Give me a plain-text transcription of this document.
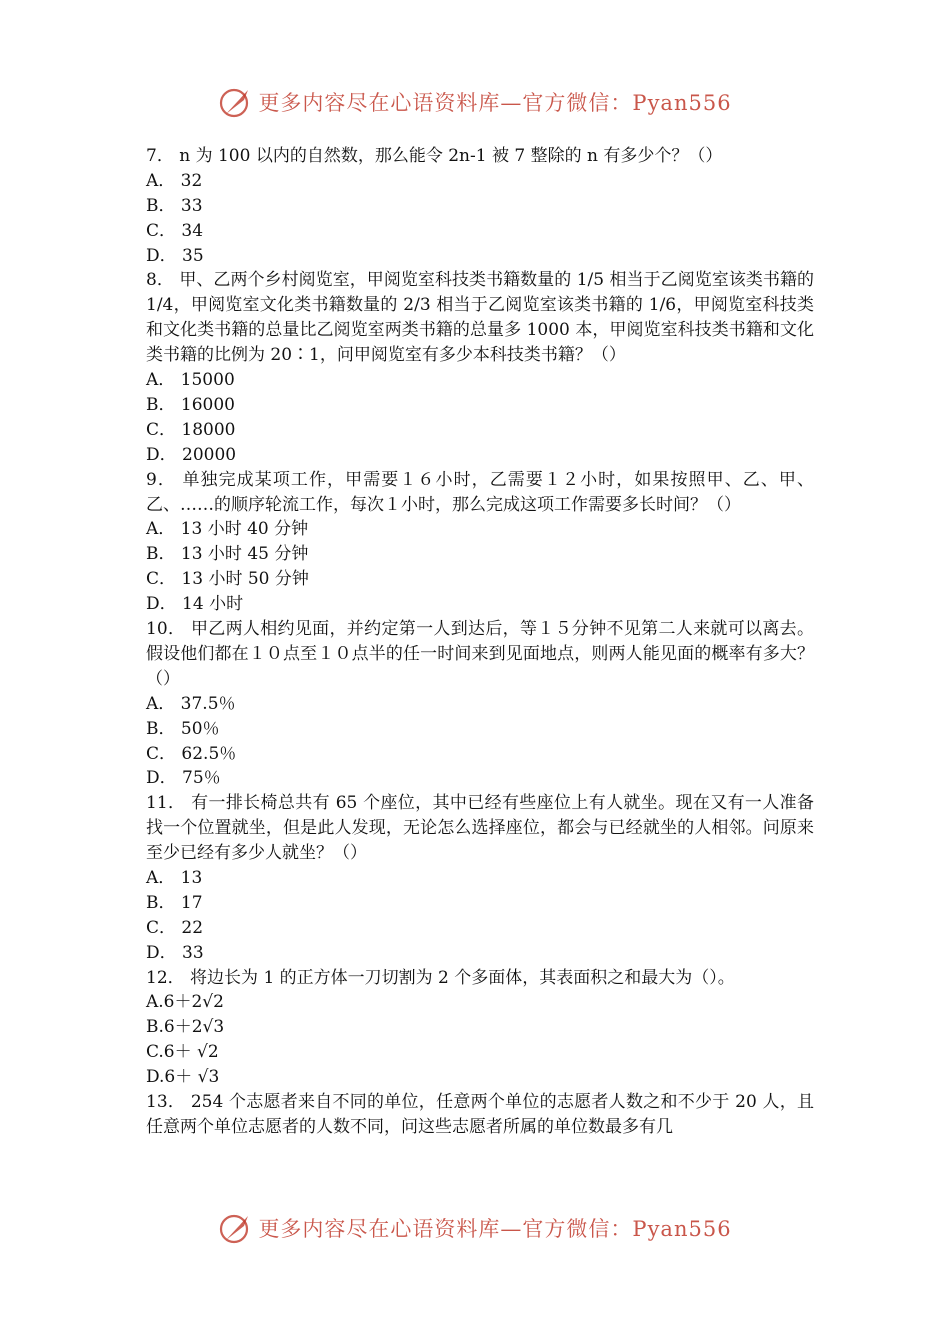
更多内容尽在心语资料库—官方微信：Pyan556
7． n 为 100 以内的自然数，那么能令 2n-1 被 7 整除的 n 有多少个？（）
A． 32
B． 33
C． 34
D． 35
8． 甲、乙两个乡村阅览室，甲阅览室科技类书籍数量的 1/5 相当于乙阅览室该类书籍的 1/4，甲阅览室文化类书籍数量的 2/3 相当于乙阅览室该类书籍的 1/6，甲阅览室科技类和文化类书籍的总量比乙阅览室两类书籍的总量多 1000 本，甲阅览室科技类书籍和文化类书籍的比例为 20∶1，问甲阅览室有多少本科技类书籍？（）
A． 15000
B． 16000
C． 18000
D． 20000
9． 单独完成某项工作，甲需要１６小时，乙需要１２小时，如果按照甲、乙、甲、乙、……的顺序轮流工作，每次１小时，那么完成这项工作需要多长时间？（）
A． 13 小时 40 分钟
B． 13 小时 45 分钟
C． 13 小时 50 分钟
D． 14 小时
10． 甲乙两人相约见面，并约定第一人到达后，等１５分钟不见第二人来就可以离去。假设他们都在１０点至１０点半的任一时间来到见面地点，则两人能见面的概率有多大？（）
A． 37.5％
B． 50％
C． 62.5％
D． 75％
11． 有一排长椅总共有 65 个座位，其中已经有些座位上有人就坐。现在又有一人准备找一个位置就坐，但是此人发现，无论怎么选择座位，都会与已经就坐的人相邻。问原来至少已经有多少人就坐？（）
A． 13
B． 17
C． 22
D． 33
12． 将边长为 1 的正方体一刀切割为 2 个多面体，其表面积之和最大为（）。
A.6＋2√2
B.6＋2√3
C.6＋ √2
D.6＋ √3
13． 254 个志愿者来自不同的单位，任意两个单位的志愿者人数之和不少于 20 人，且任意两个单位志愿者的人数不同，问这些志愿者所属的单位数最多有几
更多内容尽在心语资料库—官方微信：Pyan556
